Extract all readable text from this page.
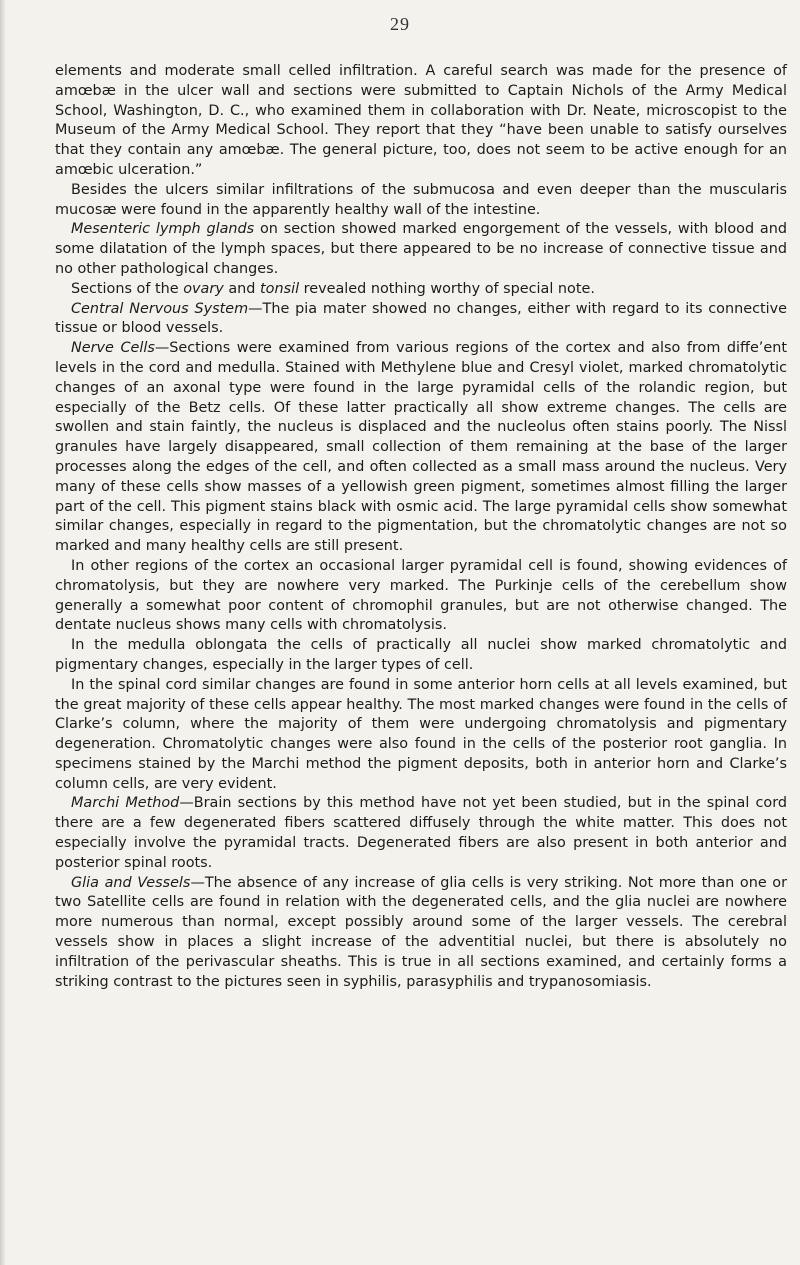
29

elements and moderate small celled infiltration. A careful search was made for the presence of amœbæ in the ulcer wall and sections were submitted to Captain Nichols of the Army Medical School, Washington, D. C., who examined them in collaboration with Dr. Neate, microscopist to the Museum of the Army Medical School. They report that they “have been unable to satisfy ourselves that they contain any amœbæ. The general picture, too, does not seem to be active enough for an amœbic ulceration.”

Besides the ulcers similar infiltrations of the submucosa and even deeper than the muscularis mucosæ were found in the apparently healthy wall of the intestine.

Mesenteric lymph glands on section showed marked engorgement of the vessels, with blood and some dilatation of the lymph spaces, but there appeared to be no increase of connective tissue and no other pathological changes.

Sections of the ovary and tonsil revealed nothing worthy of special note.

Central Nervous System—The pia mater showed no changes, either with regard to its connective tissue or blood vessels.

Nerve Cells—Sections were examined from various regions of the cortex and also from diffe’ent levels in the cord and medulla. Stained with Methylene blue and Cresyl violet, marked chromatolytic changes of an axonal type were found in the large pyramidal cells of the rolandic region, but especially of the Betz cells. Of these latter practically all show extreme changes. The cells are swollen and stain faintly, the nucleus is displaced and the nucleolus often stains poorly. The Nissl granules have largely disappeared, small collection of them remaining at the base of the larger processes along the edges of the cell, and often collected as a small mass around the nucleus. Very many of these cells show masses of a yellowish green pigment, sometimes almost filling the larger part of the cell. This pigment stains black with osmic acid. The large pyramidal cells show somewhat similar changes, especially in regard to the pigmentation, but the chromatolytic changes are not so marked and many healthy cells are still present.

In other regions of the cortex an occasional larger pyramidal cell is found, showing evidences of chromatolysis, but they are nowhere very marked. The Purkinje cells of the cerebellum show generally a somewhat poor content of chromophil granules, but are not otherwise changed. The dentate nucleus shows many cells with chromatolysis.

In the medulla oblongata the cells of practically all nuclei show marked chromatolytic and pigmentary changes, especially in the larger types of cell.

In the spinal cord similar changes are found in some anterior horn cells at all levels examined, but the great majority of these cells appear healthy. The most marked changes were found in the cells of Clarke’s column, where the majority of them were undergoing chromatolysis and pigmentary degeneration. Chromatolytic changes were also found in the cells of the posterior root ganglia. In specimens stained by the Marchi method the pigment deposits, both in anterior horn and Clarke’s column cells, are very evident.

Marchi Method—Brain sections by this method have not yet been studied, but in the spinal cord there are a few degenerated fibers scattered diffusely through the white matter. This does not especially involve the pyramidal tracts. Degenerated fibers are also present in both anterior and posterior spinal roots.

Glia and Vessels—The absence of any increase of glia cells is very striking. Not more than one or two Satellite cells are found in relation with the degenerated cells, and the glia nuclei are nowhere more numerous than normal, except possibly around some of the larger vessels. The cerebral vessels show in places a slight increase of the adventitial nuclei, but there is absolutely no infiltration of the perivascular sheaths. This is true in all sections examined, and certainly forms a striking contrast to the pictures seen in syphilis, parasyphilis and trypanosomiasis.
